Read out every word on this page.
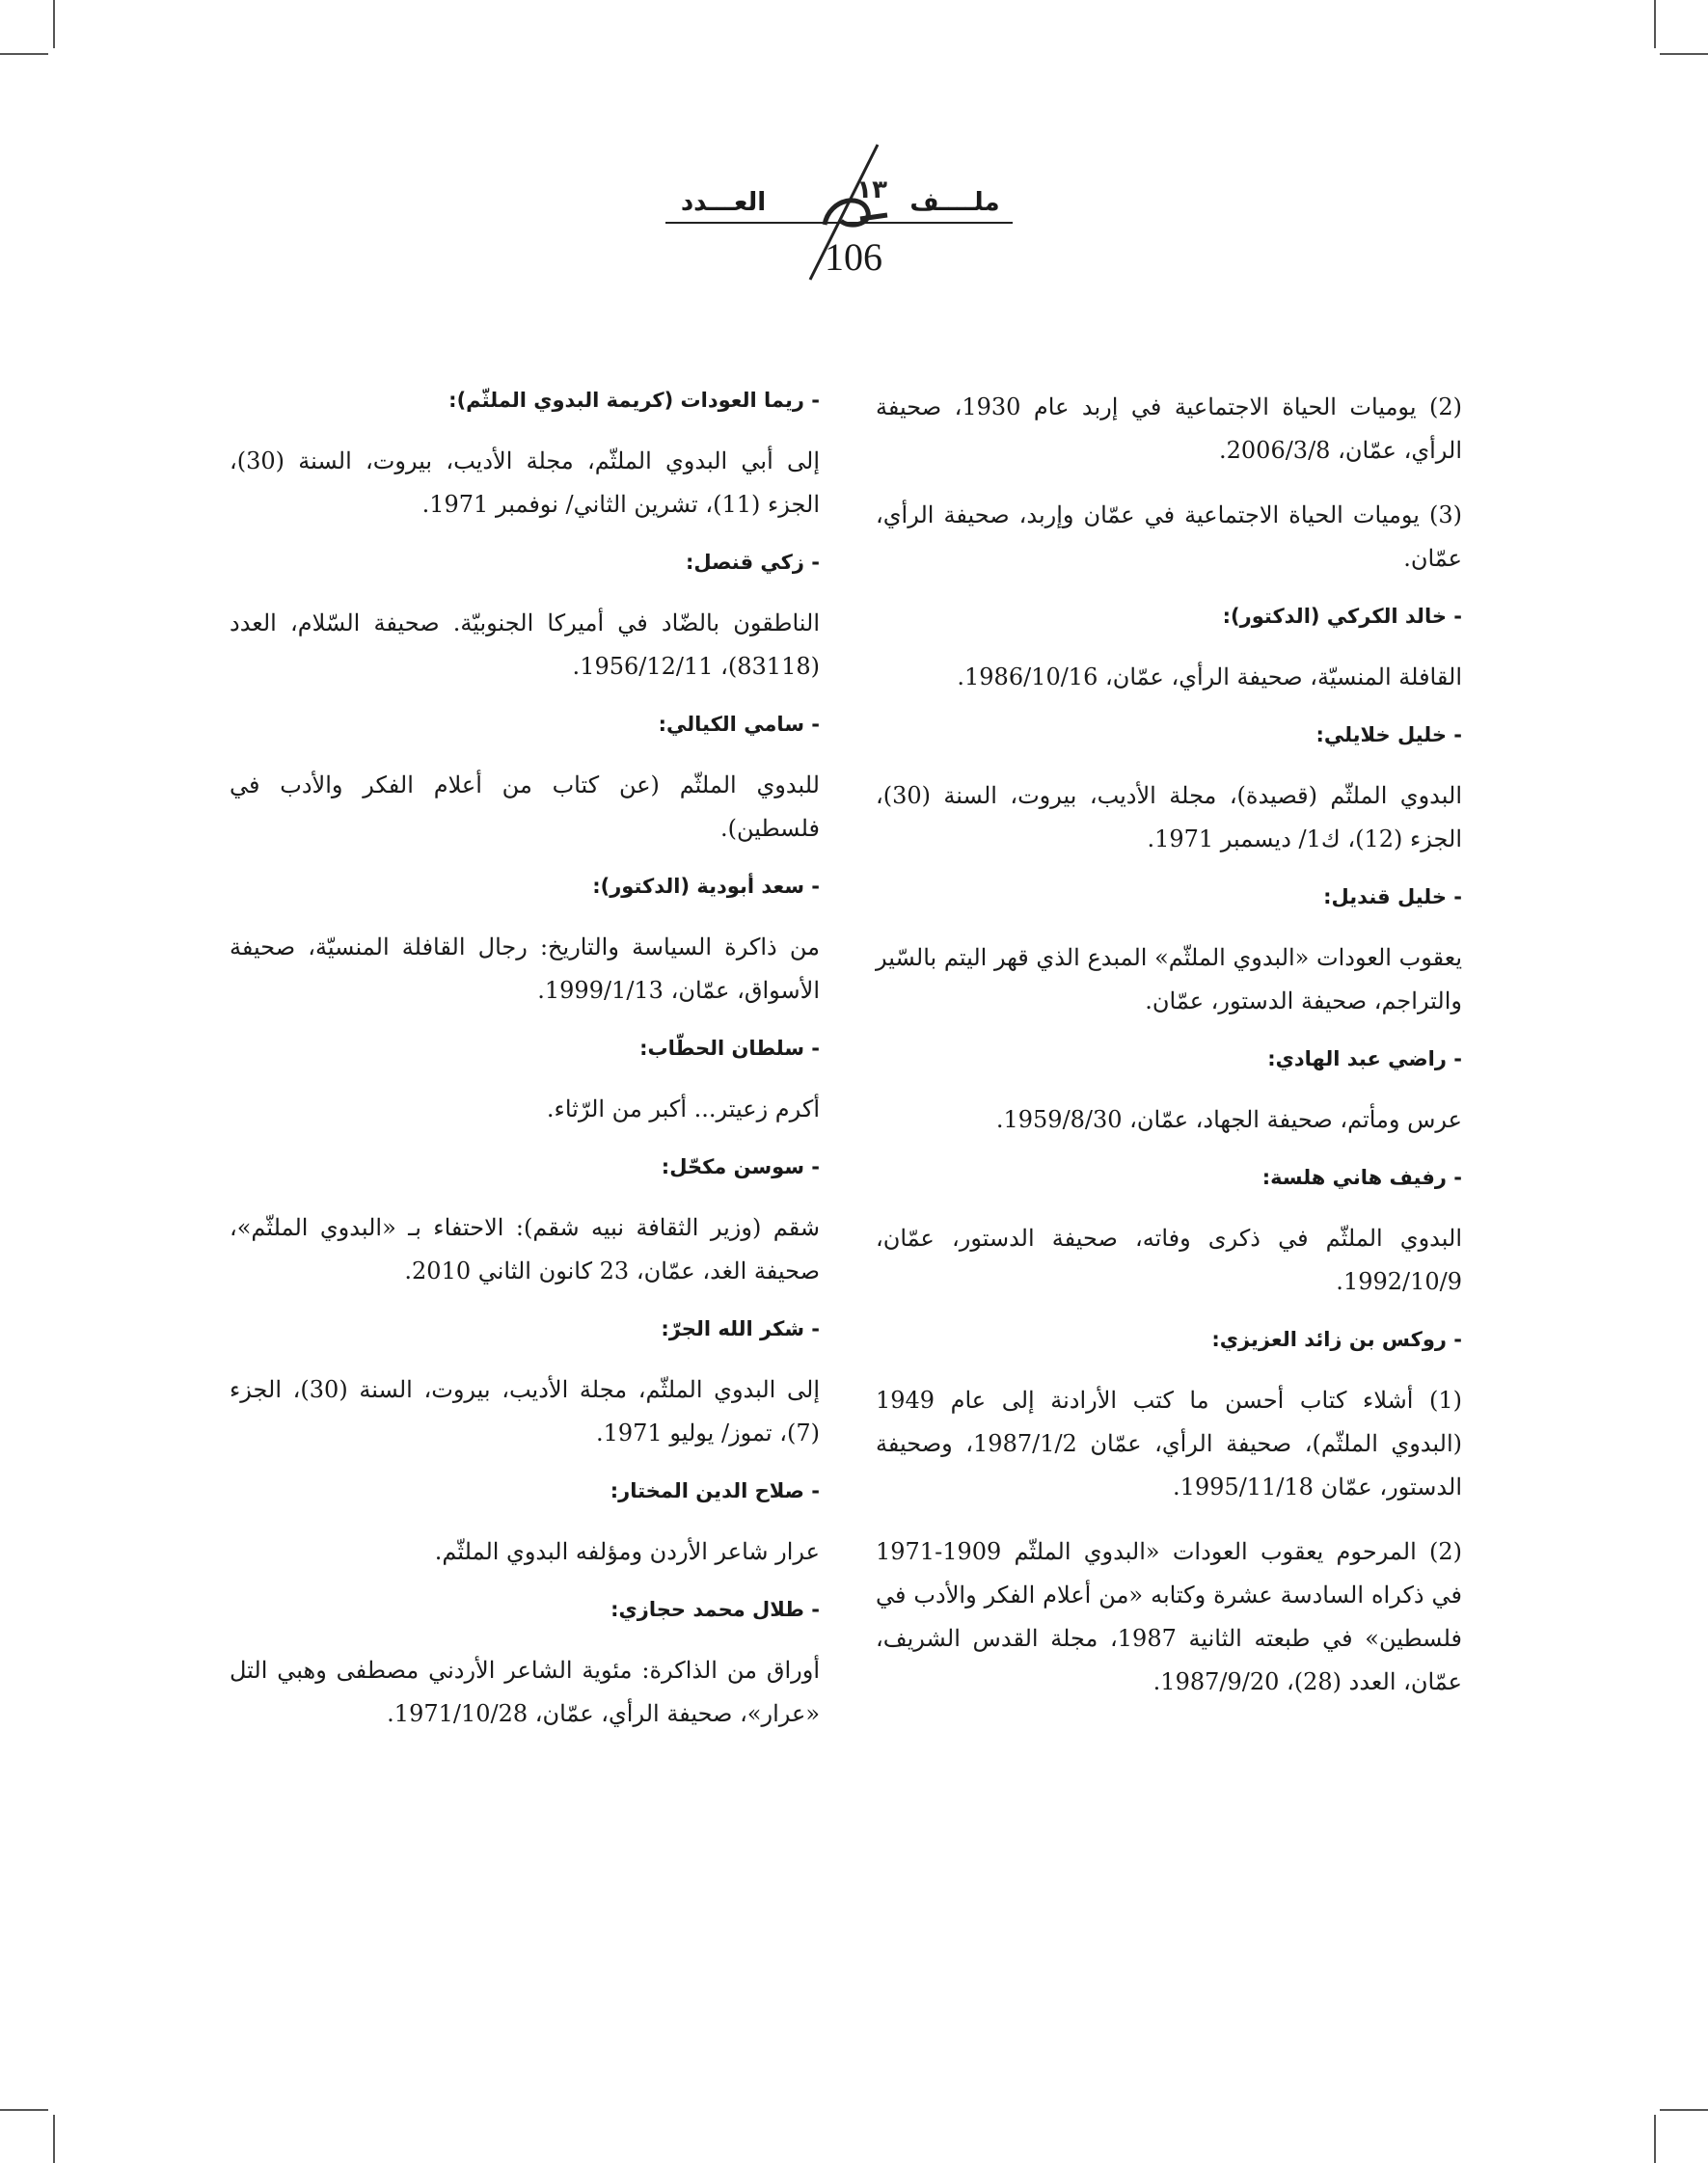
ملــــف
١٣
العـــدد
106
(2) يوميات الحياة الاجتماعية في إربد عام 1930، صحيفة الرأي، عمّان، 2006/3/8.
(3) يوميات الحياة الاجتماعية في عمّان وإربد، صحيفة الرأي، عمّان.
- خالد الكركي (الدكتور):
القافلة المنسيّة، صحيفة الرأي، عمّان، 1986/10/16.
- خليل خلايلي:
البدوي الملثّم (قصيدة)، مجلة الأديب، بيروت، السنة (30)، الجزء (12)، ك1/ ديسمبر 1971.
- خليل قنديل:
يعقوب العودات «البدوي الملثّم» المبدع الذي قهر اليتم بالسّير والتراجم، صحيفة الدستور، عمّان.
- راضي عبد الهادي:
عرس ومأتم، صحيفة الجهاد، عمّان، 1959/8/30.
- رفيف هاني هلسة:
البدوي الملثّم في ذكرى وفاته، صحيفة الدستور، عمّان، 1992/10/9.
- روكس بن زائد العزيزي:
(1) أشلاء كتاب أحسن ما كتب الأرادنة إلى عام 1949 (البدوي الملثّم)، صحيفة الرأي، عمّان 1987/1/2، وصحيفة الدستور، عمّان 1995/11/18.
(2) المرحوم يعقوب العودات «البدوي الملثّم 1909-1971 في ذكراه السادسة عشرة وكتابه «من أعلام الفكر والأدب في فلسطين» في طبعته الثانية 1987، مجلة القدس الشريف، عمّان، العدد (28)، 1987/9/20.
- ريما العودات (كريمة البدوي الملثّم):
إلى أبي البدوي الملثّم، مجلة الأديب، بيروت، السنة (30)، الجزء (11)، تشرين الثاني/ نوفمبر 1971.
- زكي قنصل:
الناطقون بالضّاد في أميركا الجنوبيّة. صحيفة السّلام، العدد (83118)، 1956/12/11.
- سامي الكيالي:
للبدوي الملثّم (عن كتاب من أعلام الفكر والأدب في فلسطين).
- سعد أبودية (الدكتور):
من ذاكرة السياسة والتاريخ: رجال القافلة المنسيّة، صحيفة الأسواق، عمّان، 1999/1/13.
- سلطان الحطّاب:
أكرم زعيتر... أكبر من الرّثاء.
- سوسن مكحّل:
شقم (وزير الثقافة نبيه شقم): الاحتفاء بـ «البدوي الملثّم»، صحيفة الغد، عمّان، 23 كانون الثاني 2010.
- شكر الله الجرّ:
إلى البدوي الملثّم، مجلة الأديب، بيروت، السنة (30)، الجزء (7)، تموز/ يوليو 1971.
- صلاح الدين المختار:
عرار شاعر الأردن ومؤلفه البدوي الملثّم.
- طلال محمد حجازي:
أوراق من الذاكرة: مئوية الشاعر الأردني مصطفى وهبي التل «عرار»، صحيفة الرأي، عمّان، 1971/10/28.
